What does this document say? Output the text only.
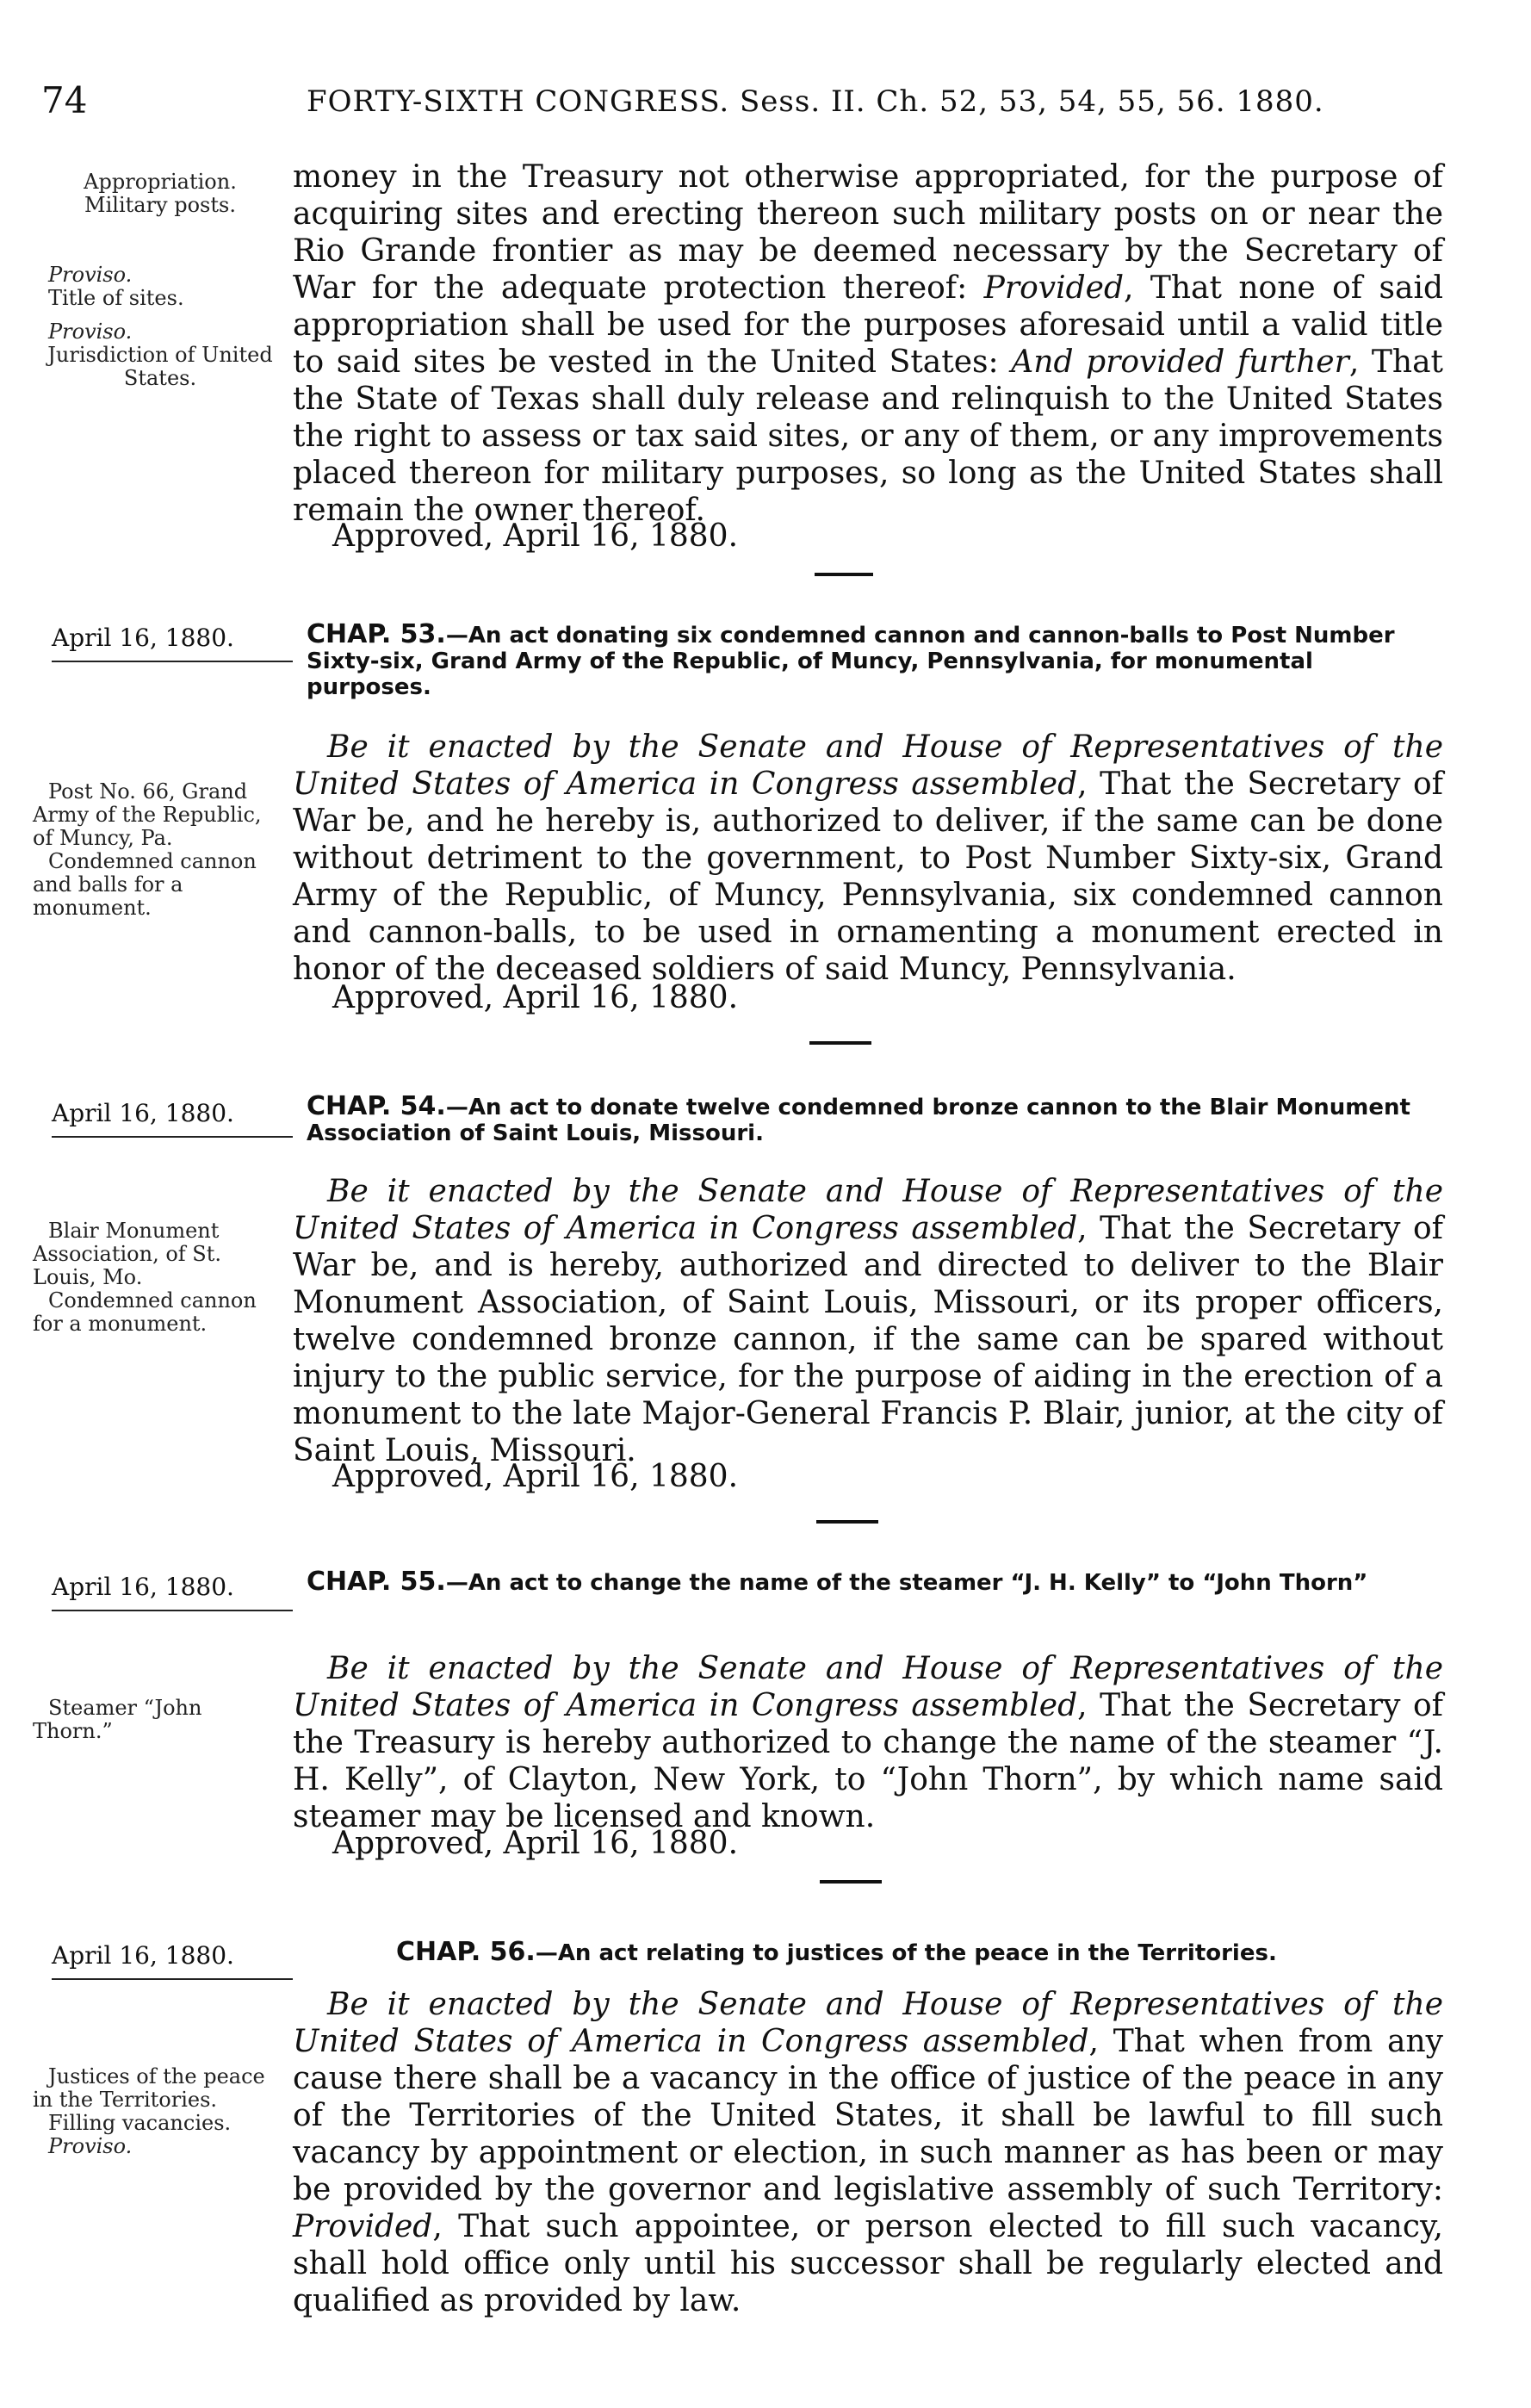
74	FORTY-SIXTH CONGRESS. Sess. II. Ch. 52, 53, 54, 55, 56. 1880.
Appropriation.
Military posts.
Proviso.
Title of sites.
Proviso.
Jurisdiction of United States.

money in the Treasury not otherwise appropriated, for the purpose of acquiring sites and erecting thereon such military posts on or near the Rio Grande frontier as may be deemed necessary by the Secretary of War for the adequate protection thereof: Provided, That none of said appropriation shall be used for the purposes aforesaid until a valid title to said sites be vested in the United States: And provided further, That the State of Texas shall duly release and relinquish to the United States the right to assess or tax said sites, or any of them, or any improvements placed thereon for military purposes, so long as the United States shall remain the owner thereof.

Approved, April 16, 1880.
April 16, 1880.	CHAP. 53.—An act donating six condemned cannon and cannon-balls to Post Number Sixty-six, Grand Army of the Republic, of Muncy, Pennsylvania, for monumental purposes.
Post No. 66, Grand Army of the Republic, of Muncy, Pa.
Condemned cannon and balls for a monument.

Be it enacted by the Senate and House of Representatives of the United States of America in Congress assembled, That the Secretary of War be, and he hereby is, authorized to deliver, if the same can be done without detriment to the government, to Post Number Sixty-six, Grand Army of the Republic, of Muncy, Pennsylvania, six condemned cannon and cannon-balls, to be used in ornamenting a monument erected in honor of the deceased soldiers of said Muncy, Pennsylvania.

Approved, April 16, 1880.
April 16, 1880.	CHAP. 54.—An act to donate twelve condemned bronze cannon to the Blair Monument Association of Saint Louis, Missouri.
Blair Monument Association, of St. Louis, Mo.
Condemned cannon for a monument.

Be it enacted by the Senate and House of Representatives of the United States of America in Congress assembled, That the Secretary of War be, and is hereby, authorized and directed to deliver to the Blair Monument Association, of Saint Louis, Missouri, or its proper officers, twelve condemned bronze cannon, if the same can be spared without injury to the public service, for the purpose of aiding in the erection of a monument to the late Major-General Francis P. Blair, junior, at the city of Saint Louis, Missouri.

Approved, April 16, 1880.
April 16, 1880.	CHAP. 55.—An act to change the name of the steamer “J. H. Kelly” to “John Thorn”
Steamer “John Thorn.”

Be it enacted by the Senate and House of Representatives of the United States of America in Congress assembled, That the Secretary of the Treasury is hereby authorized to change the name of the steamer “J. H. Kelly”, of Clayton, New York, to “John Thorn”, by which name said steamer may be licensed and known.

Approved, April 16, 1880.
April 16, 1880.	CHAP. 56.—An act relating to justices of the peace in the Territories.
Justices of the peace in the Territories.
Filling vacancies.
Proviso.

Be it enacted by the Senate and House of Representatives of the United States of America in Congress assembled, That when from any cause there shall be a vacancy in the office of justice of the peace in any of the Territories of the United States, it shall be lawful to fill such vacancy by appointment or election, in such manner as has been or may be provided by the governor and legislative assembly of such Territory: Provided, That such appointee, or person elected to fill such vacancy, shall hold office only until his successor shall be regularly elected and qualified as provided by law.
